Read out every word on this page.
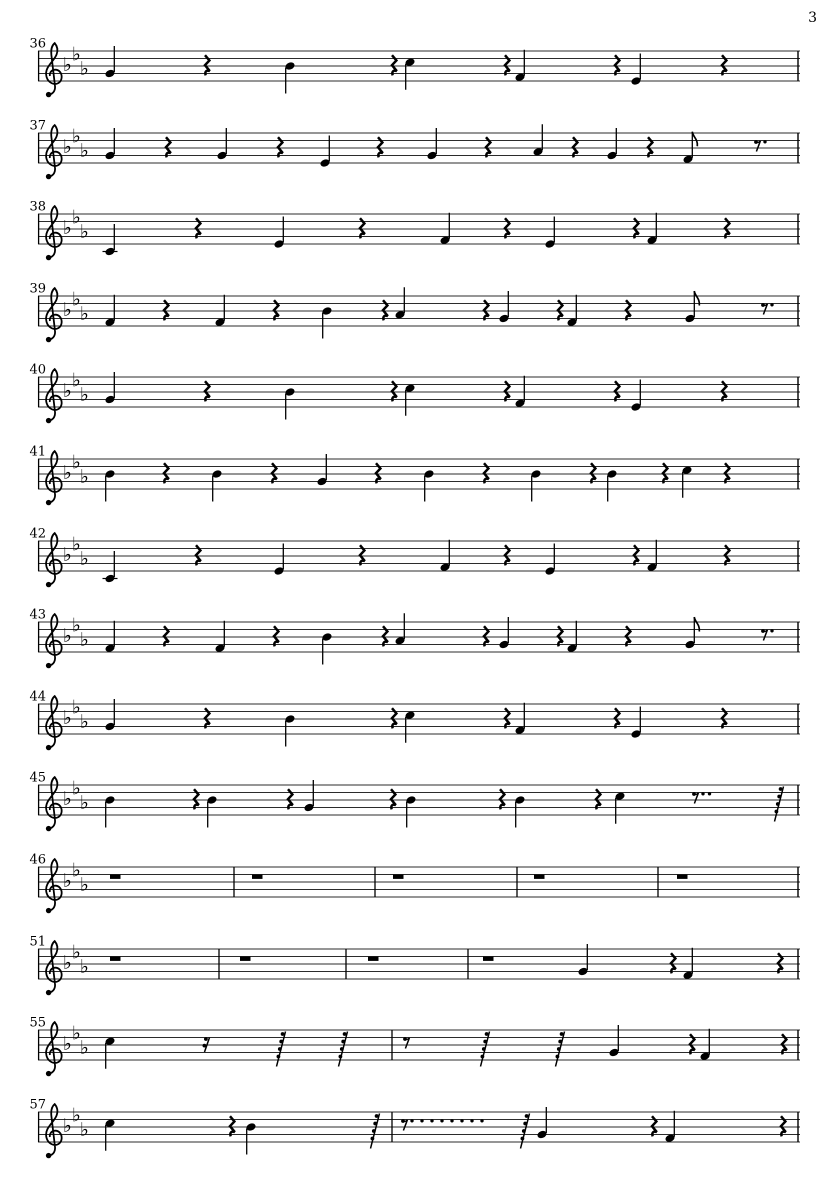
3
36
♭ ♭
♭
37
♭ ♭
♭
38
♭ ♭
♭
39
♭ ♭
♭
40
♭ ♭
♭
41
♭ ♭
♭
42
♭ ♭
♭
43
♭ ♭
♭
44
♭ ♭
♭
45
♭ ♭
♭
46
♭ ♭
♭
51
♭ ♭
♭
55
♭ ♭
♭
57
♭ ♭
♭
